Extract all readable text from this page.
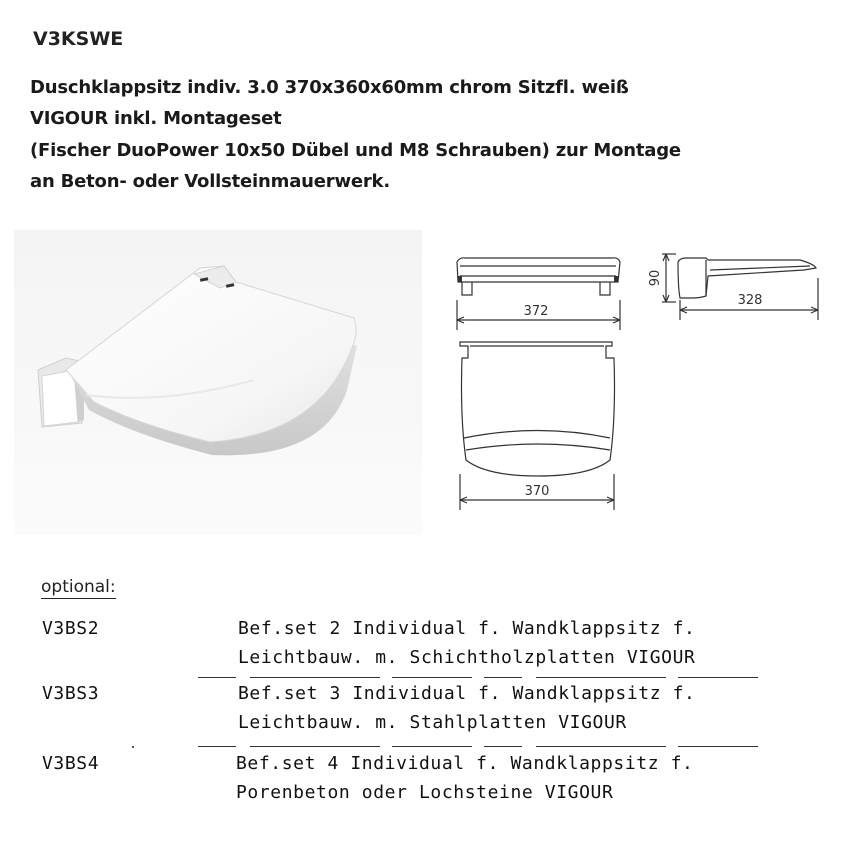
V3KSWE
Duschklappsitz indiv. 3.0 370x360x60mm chrom Sitzfl. weiß
VIGOUR inkl. Montageset
(Fischer DuoPower 10x50 Dübel und M8 Schrauben) zur Montage
an Beton- oder Vollsteinmauerwerk.
372
370
90
328
optional:
V3BS2	Bef.set 2 Individual f. Wandklappsitz f.
Leichtbauw. m. Schichtholzplatten VIGOUR
V3BS3	Bef.set 3 Individual f. Wandklappsitz f.
Leichtbauw. m. Stahlplatten VIGOUR
V3BS4	Bef.set 4 Individual f. Wandklappsitz f.
Porenbeton oder Lochsteine VIGOUR
